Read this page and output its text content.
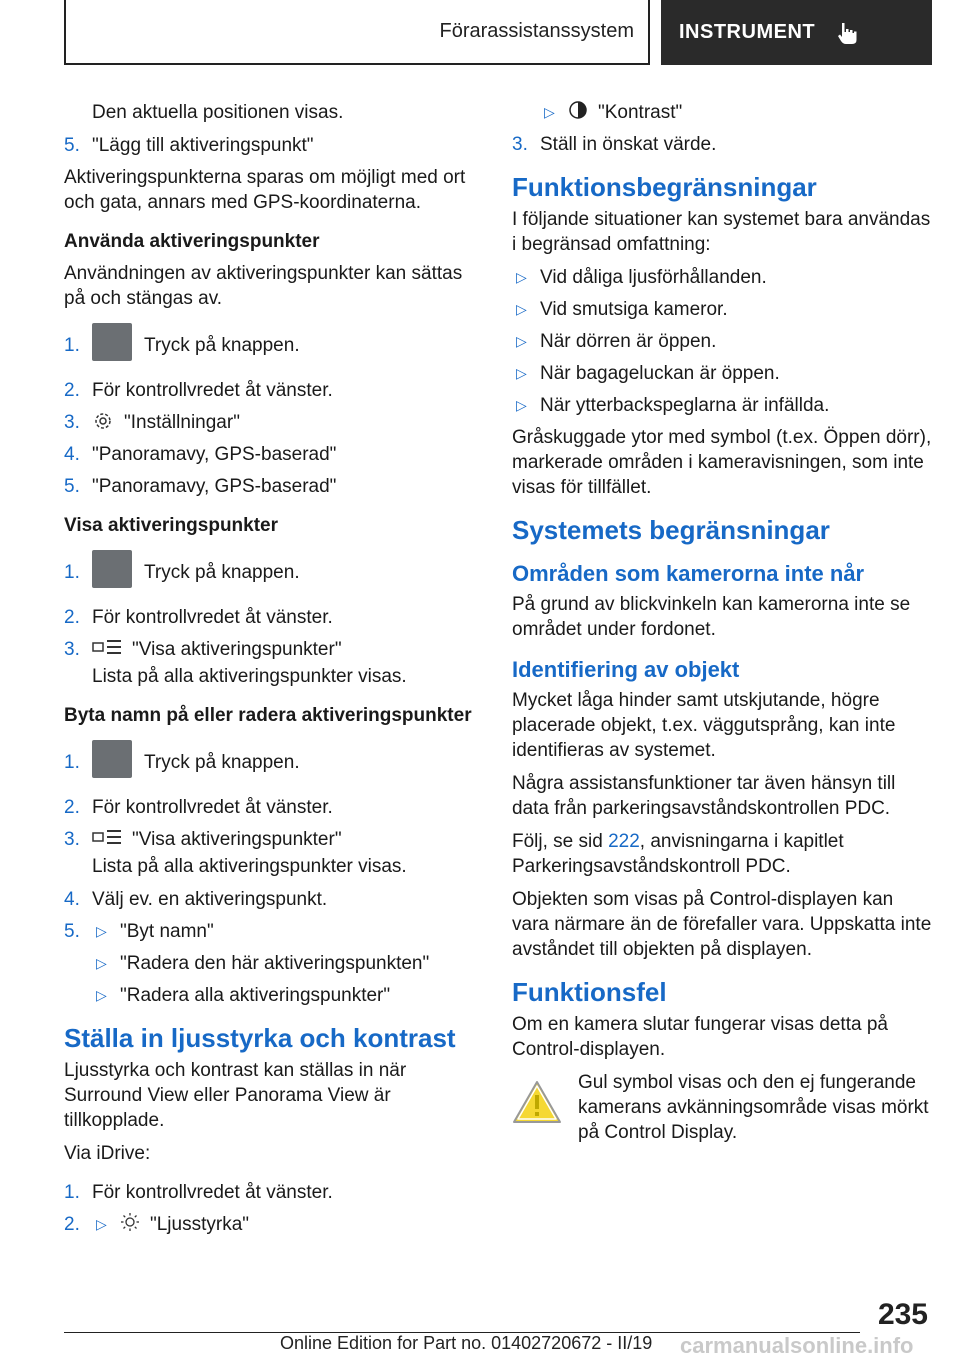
Förarassistanssystem INSTRUMENT

Den aktuella positionen visas.

5. "Lägg till aktiveringspunkt"

Aktiveringspunkterna sparas om möjligt med ort och gata, annars med GPS-koordinaterna.

Använda aktiveringspunkter

Användningen av aktiveringspunkter kan sättas på och stängas av.

1.	Tryck på knappen.
2. För kontrollvredet åt vänster.
3.	"Inställningar"
4. "Panoramavy, GPS-baserad"
5. "Panoramavy, GPS-baserad"
Visa aktiveringspunkter
1.	Tryck på knappen.
2. För kontrollvredet åt vänster.
3.	"Visa aktiveringspunkter"

Lista på alla aktiveringspunkter visas.

Byta namn på eller radera aktiveringspunkter
1.	Tryck på knappen.
2. För kontrollvredet åt vänster.
3.	"Visa aktiveringspunkter"

Lista på alla aktiveringspunkter visas.

4. Välj ev. en aktiveringspunkt.
5.	▷ "Byt namn"
▷ "Radera den här aktiveringspunkten"
▷ "Radera alla aktiveringspunkter"
Ställa in ljusstyrka och kontrast

Ljusstyrka och kontrast kan ställas in när Surround View eller Panorama View är tillkopplade.

Via iDrive:

1. För kontrollvredet åt vänster.
2.	▷	"Ljusstyrka"
▷	"Kontrast"
3. Ställ in önskat värde.
Funktionsbegränsningar

I följande situationer kan systemet bara användas i begränsad omfattning:

▷ Vid dåliga ljusförhållanden.
▷ Vid smutsiga kameror.
▷ När dörren är öppen.
▷ När bagageluckan är öppen.
▷ När ytterbackspeglarna är infällda.

Gråskuggade ytor med symbol (t.ex. Öppen dörr), markerade områden i kameravisningen, som inte visas för tillfället.

Systemets begränsningar
Områden som kamerorna inte når

På grund av blickvinkeln kan kamerorna inte se området under fordonet.

Identifiering av objekt

Mycket låga hinder samt utskjutande, högre placerade objekt, t.ex. väggutsprång, kan inte identifieras av systemet.

Några assistansfunktioner tar även hänsyn till data från parkeringsavståndskontrollen PDC.

Följ, se sid 222, anvisningarna i kapitlet Parkeringsavståndskontroll PDC.

Objekten som visas på Control-displayen kan vara närmare än de förefaller vara. Uppskatta inte avståndet till objekten på displayen.

Funktionsfel

Om en kamera slutar fungerar visas detta på Control-displayen.

Gul symbol visas och den ej fungerande kamerans avkänningsområde visas mörkt på Control Display.

235
Online Edition for Part no. 01402720672 - II/19 carmanualsonline.info
